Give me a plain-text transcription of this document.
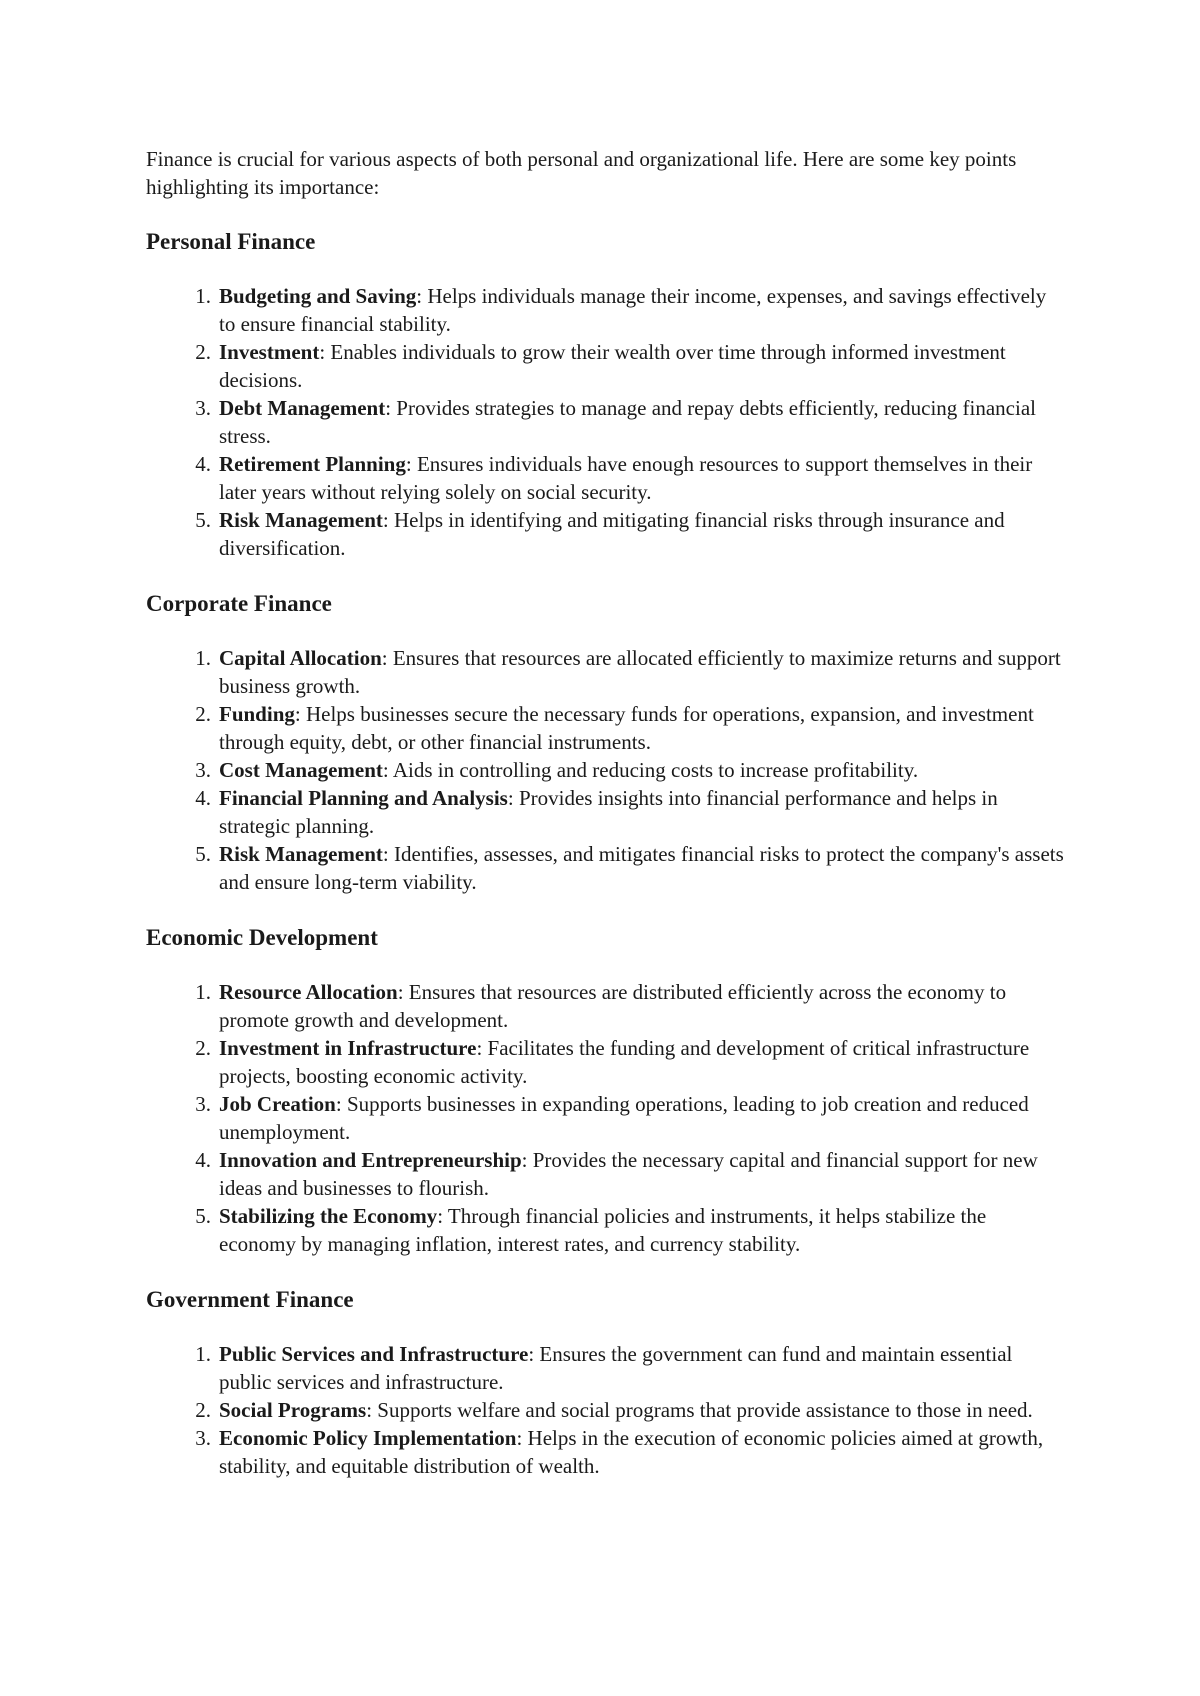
Finance is crucial for various aspects of both personal and organizational life. Here are some key points highlighting its importance:

Personal Finance
1. Budgeting and Saving: Helps individuals manage their income, expenses, and savings effectively to ensure financial stability.
2. Investment: Enables individuals to grow their wealth over time through informed investment decisions.
3. Debt Management: Provides strategies to manage and repay debts efficiently, reducing financial stress.
4. Retirement Planning: Ensures individuals have enough resources to support themselves in their later years without relying solely on social security.
5. Risk Management: Helps in identifying and mitigating financial risks through insurance and diversification.
Corporate Finance
1. Capital Allocation: Ensures that resources are allocated efficiently to maximize returns and support business growth.
2. Funding: Helps businesses secure the necessary funds for operations, expansion, and investment through equity, debt, or other financial instruments.
3. Cost Management: Aids in controlling and reducing costs to increase profitability.
4. Financial Planning and Analysis: Provides insights into financial performance and helps in strategic planning.
5. Risk Management: Identifies, assesses, and mitigates financial risks to protect the company's assets and ensure long-term viability.
Economic Development
1. Resource Allocation: Ensures that resources are distributed efficiently across the economy to promote growth and development.
2. Investment in Infrastructure: Facilitates the funding and development of critical infrastructure projects, boosting economic activity.
3. Job Creation: Supports businesses in expanding operations, leading to job creation and reduced unemployment.
4. Innovation and Entrepreneurship: Provides the necessary capital and financial support for new ideas and businesses to flourish.
5. Stabilizing the Economy: Through financial policies and instruments, it helps stabilize the economy by managing inflation, interest rates, and currency stability.
Government Finance
1. Public Services and Infrastructure: Ensures the government can fund and maintain essential public services and infrastructure.
2. Social Programs: Supports welfare and social programs that provide assistance to those in need.
3. Economic Policy Implementation: Helps in the execution of economic policies aimed at growth, stability, and equitable distribution of wealth.
